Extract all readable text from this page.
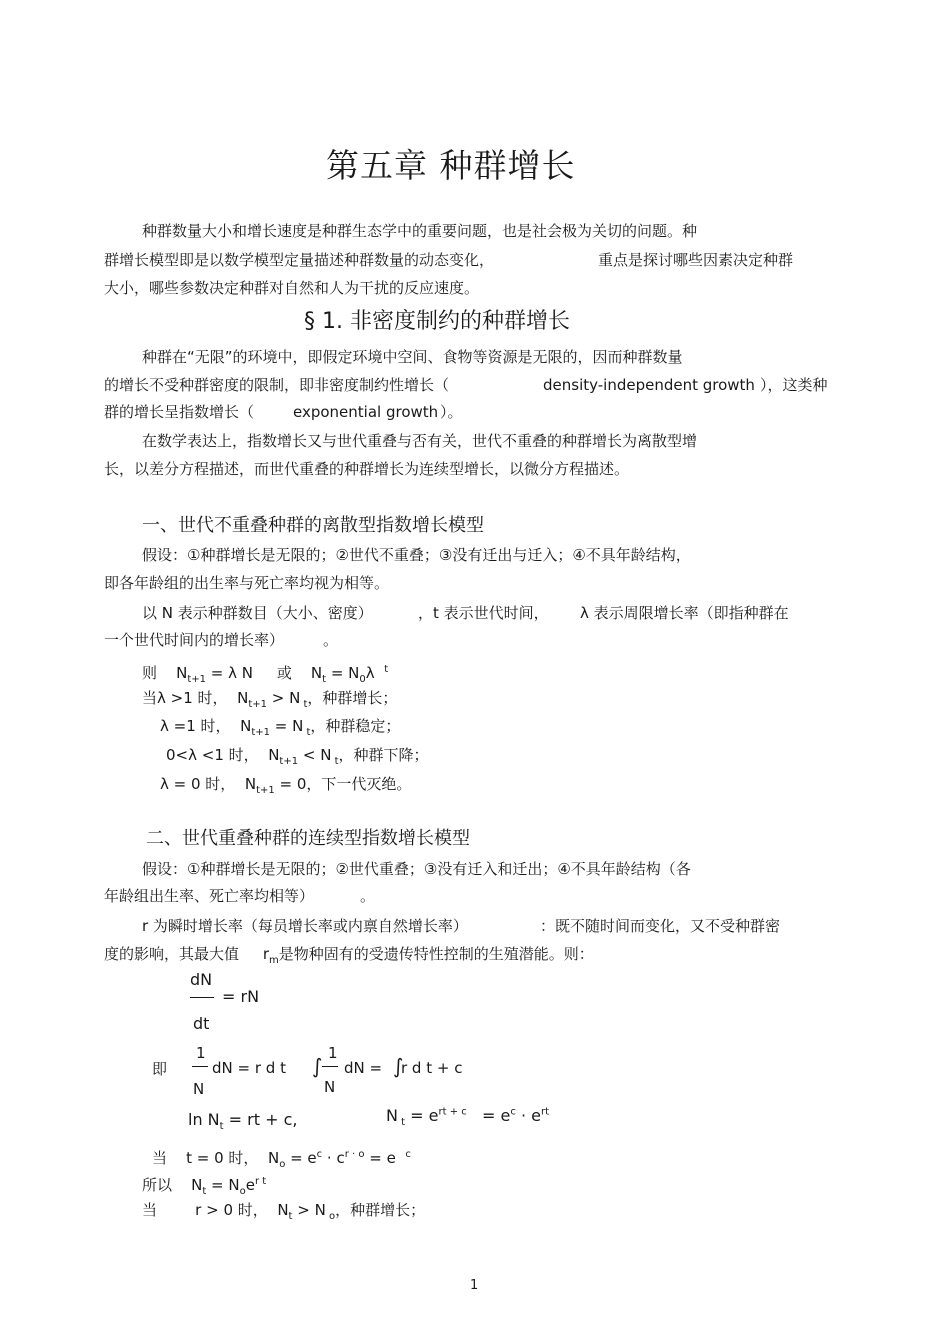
第五章 种群增长
种群数量大小和增长速度是种群生态学中的重要问题，也是社会极为关切的问题。种
群增长模型即是以数学模型定量描述种群数量的动态变化，	重点是探讨哪些因素决定种群
大小，哪些参数决定种群对自然和人为干扰的反应速度。
§ 1. 非密度制约的种群增长
种群在“无限”的环境中，即假定环境中空间、食物等资源是无限的，因而种群数量
的增长不受种群密度的限制，即非密度制约性增长（	density-independent growth ），这类种
群的增长呈指数增长（	exponential growth ）。
在数学表达上，指数增长又与世代重叠与否有关，世代不重叠的种群增长为离散型增
长，以差分方程描述，而世代重叠的种群增长为连续型增长，以微分方程描述。
一、世代不重叠种群的离散型指数增长模型
假设：①种群增长是无限的；②世代不重叠；③没有迁出与迁入；④不具年龄结构，
即各年龄组的出生率与死亡率均视为相等。
以 N 表示种群数目（大小、密度）	，t 表示世代时间， λ 表示周限增长率（即指种群在
一个世代时间内的增长率）	。
则 $N_{t+1} = \lambda$ N 或 $N_t = N_0\lambda$ $^t$
当λ >1 时， $N_{t+1} > N$ $_t$，种群增长；
λ =1 时， $N_{t+1} = N$ $_t$，种群稳定；
0<λ <1 时， $N_{t+1} < N$ $_t$，种群下降；
λ = 0 时， $N_{t+1} = 0$，下一代灭绝。
二、世代重叠种群的连续型指数增长模型
假设：①种群增长是无限的；②世代重叠；③没有迁入和迁出；④不具年龄结构（各
年龄组出生率、死亡率均相等）	。
r 为瞬时增长率（每员增长率或内禀自然增长率）	：既不随时间而变化，又不受种群密
度的影响，其最大值 $r_m$是物种固有的受遗传特性控制的生殖潜能。则：
dN
= rN
dt
即
1
N
dN = r d t ∫
1
N
dN = ∫
r d t + c
$\ln N_t$ = rt + c,	N $_t = e^{rt + c} = e^c \cdot e^{rt}$
当 t = 0 时， $N_o = e^c \cdot c^{r \cdot o} = e$ $^c$
所以 $N_t = N_oe^{r t}$
当	r > 0 时， $N_t > N$ $_o$，种群增长；
1
